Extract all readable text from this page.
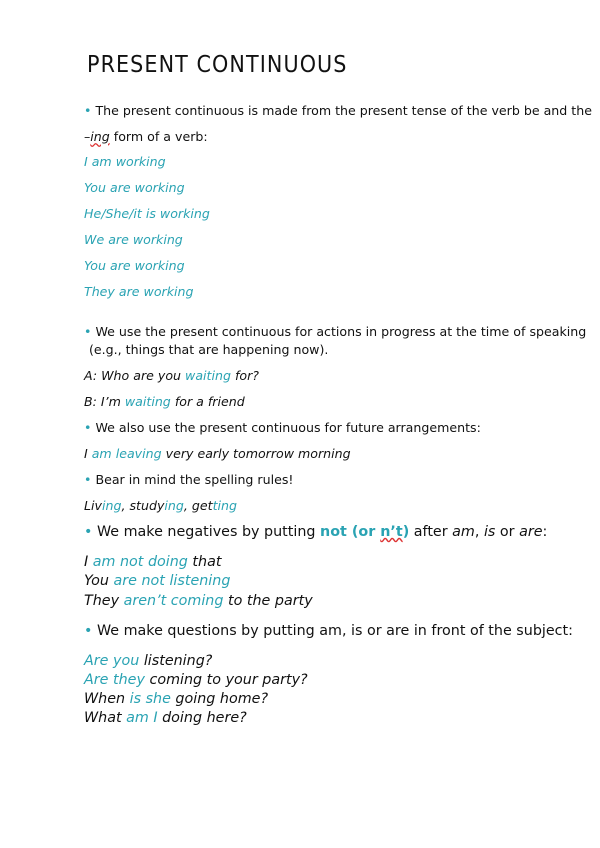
PRESENT CONTINUOUS
• The present continuous is made from the present tense of the verb be and the
–ing form of a verb:
I am working
You are working
He/She/it is working
We are working
You are working
They are working
• We use the present continuous for actions in progress at the time of speaking
(e.g., things that are happening now).
A: Who are you waiting for?
B: I’m waiting for a friend
• We also use the present continuous for future arrangements:
I am leaving very early tomorrow morning
• Bear in mind the spelling rules!
Living, studying, getting
• We make negatives by putting not (or n’t) after am, is or are:
I am not doing that
You are not listening
They aren’t coming to the party
• We make questions by putting am, is or are in front of the subject:
Are you listening?
Are they coming to your party?
When is she going home?
What am I doing here?
